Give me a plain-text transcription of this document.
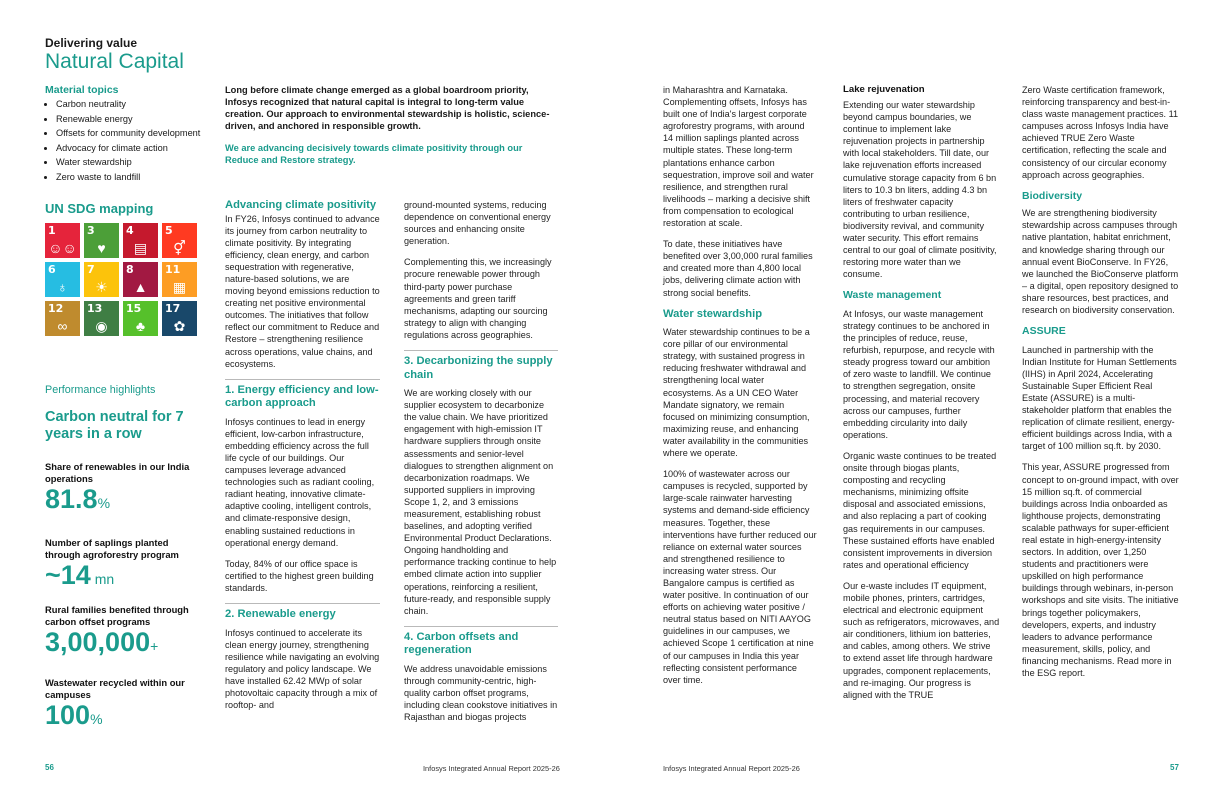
Delivering value
Natural Capital
Material topics
• Carbon neutrality
• Renewable energy
• Offsets for community development
• Advocacy for climate action
• Water stewardship
• Zero waste to landfill
UN SDG mapping
1
☺☺
3
♥
4
▤
5
⚥
6
♁
7
☀
8
▲
11
▦
12
∞
13
◉
15
♣
17
✿
Performance highlights
Carbon neutral for 7 years in a row
Share of renewables in our India operations
81.8%
Number of saplings planted through agroforestry program
~14 mn
Rural families benefited through carbon offset programs
3,00,000+
Wastewater recycled within our campuses
100%
Long before climate change emerged as a global boardroom priority, Infosys recognized that natural capital is integral to long-term value creation. Our approach to environmental stewardship is holistic, science-driven, and anchored in responsible growth.
We are advancing decisively towards climate positivity through our Reduce and Restore strategy.
Advancing climate positivity

In FY26, Infosys continued to advance its journey from carbon neutrality to climate positivity. By integrating efficiency, clean energy, and carbon sequestration with regenerative, nature-based solutions, we are moving beyond emissions reduction to creating net positive environmental outcomes. The initiatives that follow reflect our commitment to Reduce and Restore – strengthening resilience across operations, value chains, and ecosystems.

1. Energy efficiency and low-carbon approach

Infosys continues to lead in energy efficient, low-carbon infrastructure, embedding efficiency across the full life cycle of our buildings. Our campuses leverage advanced technologies such as radiant cooling, radiant heating, innovative climate-adaptive cooling, intelligent controls, and climate-responsive design, enabling sustained reductions in operational energy demand.

Today, 84% of our office space is certified to the highest green building standards.

2. Renewable energy

Infosys continued to accelerate its clean energy journey, strengthening resilience while navigating an evolving regulatory and policy landscape. We have installed 62.42 MWp of solar photovoltaic capacity through a mix of rooftop- and

ground-mounted systems, reducing dependence on conventional energy sources and enhancing onsite generation.

Complementing this, we increasingly procure renewable power through third-party power purchase agreements and green tariff mechanisms, adapting our sourcing strategy to align with changing regulations across geographies.

3. Decarbonizing the supply chain

We are working closely with our supplier ecosystem to decarbonize the value chain. We have prioritized engagement with high-emission IT hardware suppliers through onsite assessments and senior-level dialogues to strengthen alignment on decarbonization roadmaps. We supported suppliers in improving Scope 1, 2, and 3 emissions measurement, establishing robust baselines, and adopting verified Environmental Product Declarations. Ongoing handholding and performance tracking continue to help embed climate action into supplier operations, reinforcing a resilient, future-ready, and responsible supply chain.

4. Carbon offsets and regeneration

We address unavoidable emissions through community-centric, high-quality carbon offset programs, including clean cookstove initiatives in Rajasthan and biogas projects

in Maharashtra and Karnataka. Complementing offsets, Infosys has built one of India's largest corporate agroforestry programs, with around 14 million saplings planted across multiple states. These long-term plantations enhance carbon sequestration, improve soil and water resilience, and strengthen rural livelihoods – marking a decisive shift from compensation to ecological restoration at scale.

To date, these initiatives have benefited over 3,00,000 rural families and created more than 4,800 local jobs, delivering climate action with strong social benefits.

Water stewardship

Water stewardship continues to be a core pillar of our environmental strategy, with sustained progress in reducing freshwater withdrawal and strengthening local water ecosystems. As a UN CEO Water Mandate signatory, we remain focused on minimizing consumption, maximizing reuse, and enhancing water availability in the communities where we operate.

100% of wastewater across our campuses is recycled, supported by large-scale rainwater harvesting systems and demand-side efficiency measures. Together, these interventions have further reduced our reliance on external water sources and strengthened resilience to increasing water stress. Our Bangalore campus is certified as water positive. In continuation of our efforts on achieving water positive / neutral status based on NITI AAYOG guidelines in our campuses, we achieved Scope 1 certification at nine of our campuses in India this year reflecting consistent performance over time.

Lake rejuvenation

Extending our water stewardship beyond campus boundaries, we continue to implement lake rejuvenation projects in partnership with local stakeholders. Till date, our lake rejuvenation efforts increased cumulative storage capacity from 6 bn liters to 10.3 bn liters, adding 4.3 bn liters of freshwater capacity contributing to urban resilience, biodiversity revival, and community water security. This effort remains central to our goal of climate positivity, restoring more water than we consume.

Waste management

At Infosys, our waste management strategy continues to be anchored in the principles of reduce, reuse, refurbish, repurpose, and recycle with steady progress toward our ambition of zero waste to landfill. We continue to strengthen segregation, onsite processing, and material recovery across our campuses, further embedding circularity into daily operations.

Organic waste continues to be treated onsite through biogas plants, composting and recycling mechanisms, minimizing offsite disposal and associated emissions, and also replacing a part of cooking gas requirements in our campuses. These sustained efforts have enabled consistent improvements in diversion rates and operational efficiency

Our e-waste includes IT equipment, mobile phones, printers, cartridges, electrical and electronic equipment such as refrigerators, microwaves, and air conditioners, lithium ion batteries, and cables, among others. We strive to extend asset life through hardware upgrades, component replacements, and re-imaging. Our progress is aligned with the TRUE

Zero Waste certification framework, reinforcing transparency and best-in-class waste management practices. 11 campuses across Infosys India have achieved TRUE Zero Waste certification, reflecting the scale and consistency of our circular economy approach across geographies.

Biodiversity

We are strengthening biodiversity stewardship across campuses through native plantation, habitat enrichment, and knowledge sharing through our annual event BioConserve. In FY26, we launched the BioConserve platform – a digital, open repository designed to share resources, best practices, and research on biodiversity conservation.

ASSURE

Launched in partnership with the Indian Institute for Human Settlements (IIHS) in April 2024, Accelerating Sustainable Super Efficient Real Estate (ASSURE) is a multi-stakeholder platform that enables the replication of climate resilient, energy-efficient buildings across India, with a target of 100 million sq.ft. by 2030.

This year, ASSURE progressed from concept to on-ground impact, with over 15 million sq.ft. of commercial buildings across India onboarded as lighthouse projects, demonstrating scalable pathways for super-efficient real estate in high-energy-intensity sectors. In addition, over 1,250 students and practitioners were upskilled on high performance buildings through webinars, in-person workshops and site visits. The initiative brings together policymakers, developers, experts, and industry leaders to advance performance measurement, skills, policy, and financing mechanisms. Read more in the ESG report.

56	Infosys Integrated Annual Report 2025-26	Infosys Integrated Annual Report 2025-26	57
